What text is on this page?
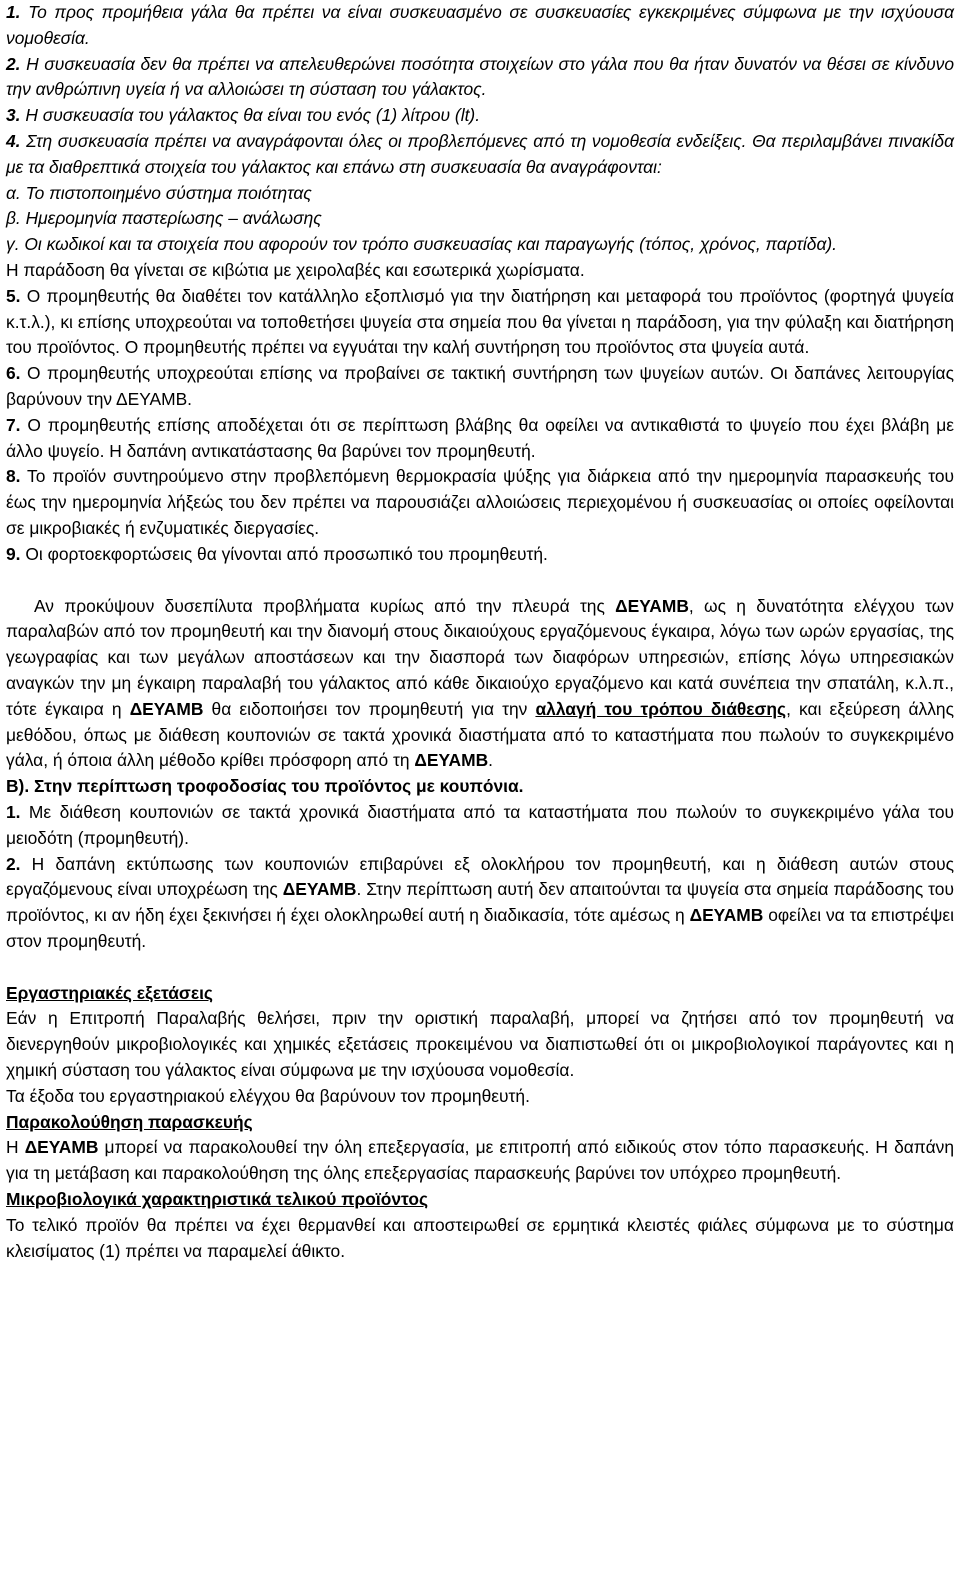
1. Το προς προμήθεια γάλα θα πρέπει να είναι συσκευασμένο σε συσκευασίες εγκεκριμένες σύμφωνα με την ισχύουσα νομοθεσία.

2. Η συσκευασία δεν θα πρέπει να απελευθερώνει ποσότητα στοιχείων στο γάλα που θα ήταν δυνατόν να θέσει σε κίνδυνο την ανθρώπινη υγεία ή να αλλοιώσει τη σύσταση του γάλακτος.

3. Η συσκευασία του γάλακτος θα είναι του ενός (1) λίτρου (lt).

4. Στη συσκευασία πρέπει να αναγράφονται όλες οι προβλεπόμενες από τη νομοθεσία ενδείξεις. Θα περιλαμβάνει πινακίδα με τα διαθρεπτικά στοιχεία του γάλακτος και επάνω στη συσκευασία θα αναγράφονται:

α. Το πιστοποιημένο σύστημα ποιότητας

β. Ημερομηνία παστερίωσης – ανάλωσης

γ. Οι κωδικοί και τα στοιχεία που αφορούν τον τρόπο συσκευασίας και παραγωγής (τόπος, χρόνος, παρτίδα).

Η παράδοση θα γίνεται σε κιβώτια με χειρολαβές και εσωτερικά χωρίσματα.

5. Ο προμηθευτής θα διαθέτει τον κατάλληλο εξοπλισμό για την διατήρηση και μεταφορά του προϊόντος (φορτηγά ψυγεία κ.τ.λ.), κι επίσης υποχρεούται να τοποθετήσει ψυγεία στα σημεία που θα γίνεται η παράδοση, για την φύλαξη και διατήρηση του προϊόντος. Ο προμηθευτής πρέπει να εγγυάται την καλή συντήρηση του προϊόντος στα ψυγεία αυτά.

6. Ο προμηθευτής υποχρεούται επίσης να προβαίνει σε τακτική συντήρηση των ψυγείων αυτών. Οι δαπάνες λειτουργίας βαρύνουν την ΔΕΥΑΜΒ.

7. Ο προμηθευτής επίσης αποδέχεται ότι σε περίπτωση βλάβης θα οφείλει να αντικαθιστά το ψυγείο που έχει βλάβη με άλλο ψυγείο. Η δαπάνη αντικατάστασης θα βαρύνει τον προμηθευτή.

8. Το προϊόν συντηρούμενο στην προβλεπόμενη θερμοκρασία ψύξης για διάρκεια από την ημερομηνία παρασκευής του έως την ημερομηνία λήξεώς του δεν πρέπει να παρουσιάζει αλλοιώσεις περιεχομένου ή συσκευασίας οι οποίες οφείλονται σε μικροβιακές ή ενζυματικές διεργασίες.

9. Οι φορτοεκφορτώσεις θα γίνονται από προσωπικό του προμηθευτή.

Αν προκύψουν δυσεπίλυτα προβλήματα κυρίως από την πλευρά της ΔΕΥΑΜΒ, ως η δυνατότητα ελέγχου των παραλαβών από τον προμηθευτή και την διανομή στους δικαιούχους εργαζόμενους έγκαιρα, λόγω των ωρών εργασίας, της γεωγραφίας και των μεγάλων αποστάσεων και την διασπορά των διαφόρων υπηρεσιών, επίσης λόγω υπηρεσιακών αναγκών την μη έγκαιρη παραλαβή του γάλακτος από κάθε δικαιούχο εργαζόμενο και κατά συνέπεια την σπατάλη, κ.λ.π., τότε έγκαιρα η ΔΕΥΑΜΒ θα ειδοποιήσει τον προμηθευτή για την αλλαγή του τρόπου διάθεσης, και εξεύρεση άλλης μεθόδου, όπως με διάθεση κουπονιών σε τακτά χρονικά διαστήματα από το καταστήματα που πωλούν το συγκεκριμένο γάλα, ή όποια άλλη μέθοδο κρίθει πρόσφορη από τη ΔΕΥΑΜΒ.

Β). Στην περίπτωση τροφοδοσίας του προϊόντος με κουπόνια.

1. Με διάθεση κουπονιών σε τακτά χρονικά διαστήματα από τα καταστήματα που πωλούν το συγκεκριμένο γάλα του μειοδότη (προμηθευτή).

2. Η δαπάνη εκτύπωσης των κουπονιών επιβαρύνει εξ ολοκλήρου τον προμηθευτή, και η διάθεση αυτών στους εργαζόμενους είναι υποχρέωση της ΔΕΥΑΜΒ. Στην περίπτωση αυτή δεν απαιτούνται τα ψυγεία στα σημεία παράδοσης του προϊόντος, κι αν ήδη έχει ξεκινήσει ή έχει ολοκληρωθεί αυτή η διαδικασία, τότε αμέσως η ΔΕΥΑΜΒ οφείλει να τα επιστρέψει στον προμηθευτή.

Εργαστηριακές εξετάσεις

Εάν η Επιτροπή Παραλαβής θελήσει, πριν την οριστική παραλαβή, μπορεί να ζητήσει από τον προμηθευτή να διενεργηθούν μικροβιολογικές και χημικές εξετάσεις προκειμένου να διαπιστωθεί ότι οι μικροβιολογικοί παράγοντες και η χημική σύσταση του γάλακτος είναι σύμφωνα με την ισχύουσα νομοθεσία.

Τα έξοδα του εργαστηριακού ελέγχου θα βαρύνουν τον προμηθευτή.

Παρακολούθηση παρασκευής

Η ΔΕΥΑΜΒ μπορεί να παρακολουθεί την όλη επεξεργασία, με επιτροπή από ειδικούς στον τόπο παρασκευής. Η δαπάνη για τη μετάβαση και παρακολούθηση της όλης επεξεργασίας παρασκευής βαρύνει τον υπόχρεο προμηθευτή.

Μικροβιολογικά χαρακτηριστικά τελικού προϊόντος

Το τελικό προϊόν θα πρέπει να έχει θερμανθεί και αποστειρωθεί σε ερμητικά κλειστές φιάλες σύμφωνα με το σύστημα κλεισίματος (1) πρέπει να παραμελεί άθικτο.
